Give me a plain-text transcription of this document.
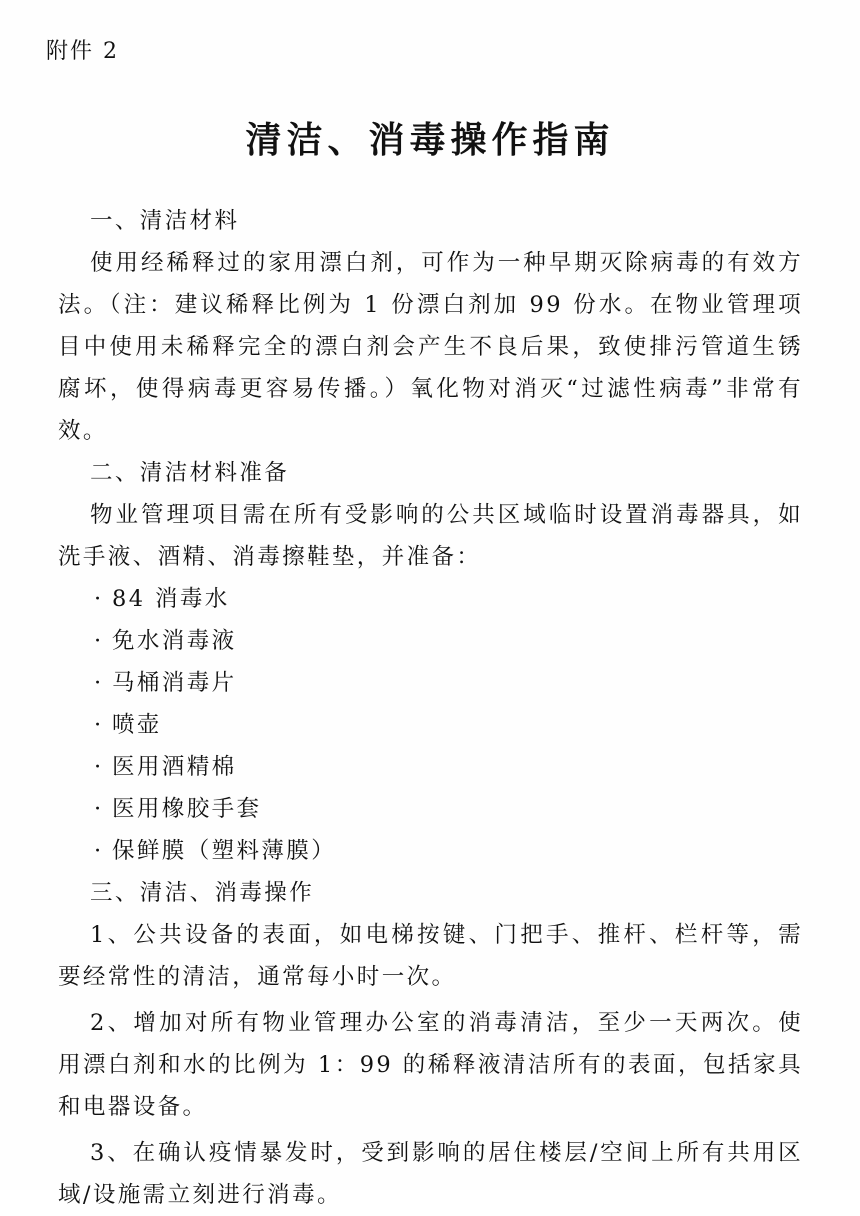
附件 2
清洁、消毒操作指南

一、清洁材料

使用经稀释过的家用漂白剂，可作为一种早期灭除病毒的有效方法。（注：建议稀释比例为 1 份漂白剂加 99 份水。在物业管理项目中使用未稀释完全的漂白剂会产生不良后果，致使排污管道生锈腐坏，使得病毒更容易传播。）氧化物对消灭“过滤性病毒”非常有效。

二、清洁材料准备

物业管理项目需在所有受影响的公共区域临时设置消毒器具，如洗手液、酒精、消毒擦鞋垫，并准备：

· 84 消毒水
· 免水消毒液
· 马桶消毒片
· 喷壶
· 医用酒精棉
· 医用橡胶手套
· 保鲜膜（塑料薄膜）

三、清洁、消毒操作

1、公共设备的表面，如电梯按键、门把手、推杆、栏杆等，需要经常性的清洁，通常每小时一次。

2、增加对所有物业管理办公室的消毒清洁，至少一天两次。使用漂白剂和水的比例为 1：99 的稀释液清洁所有的表面，包括家具和电器设备。

3、在确认疫情暴发时，受到影响的居住楼层/空间上所有共用区域/设施需立刻进行消毒。
